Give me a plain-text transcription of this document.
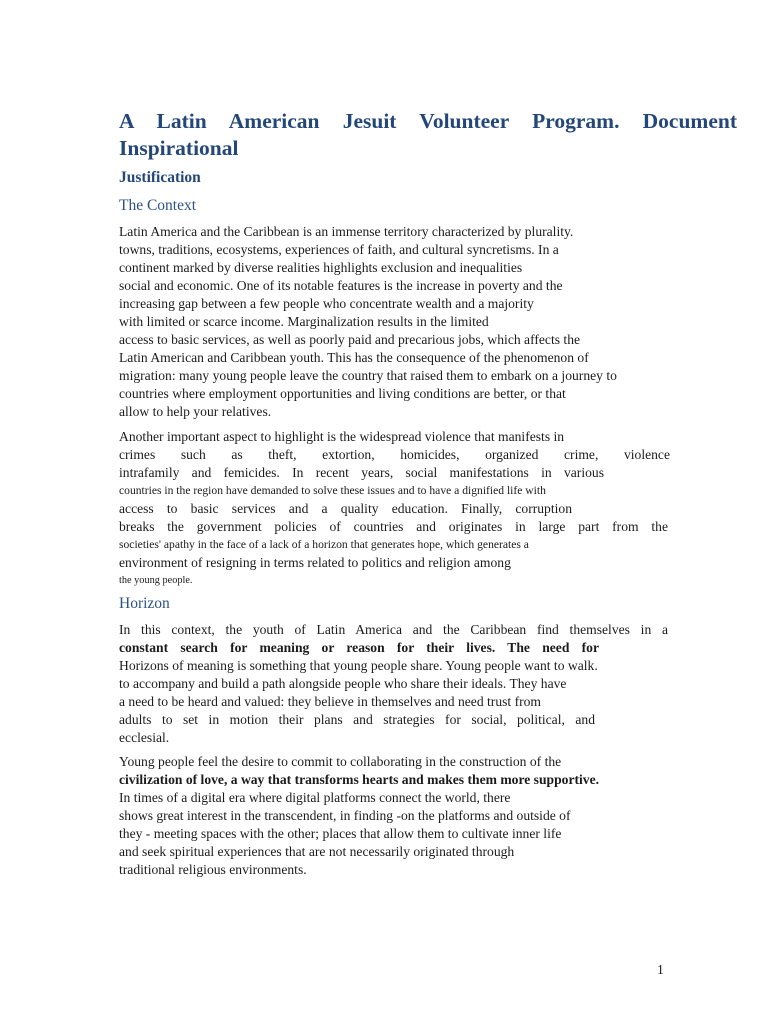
A Latin American Jesuit Volunteer Program. Document Inspirational
Justification
The Context
Latin America and the Caribbean is an immense territory characterized by plurality.
towns, traditions, ecosystems, experiences of faith, and cultural syncretisms. In a
continent marked by diverse realities highlights exclusion and inequalities
social and economic. One of its notable features is the increase in poverty and the
increasing gap between a few people who concentrate wealth and a majority
with limited or scarce income. Marginalization results in the limited
access to basic services, as well as poorly paid and precarious jobs, which affects the
Latin American and Caribbean youth. This has the consequence of the phenomenon of
migration: many young people leave the country that raised them to embark on a journey to
countries where employment opportunities and living conditions are better, or that
allow to help your relatives.
Another important aspect to highlight is the widespread violence that manifests in
crimes such as theft, extortion, homicides, organized crime, violence
intrafamily and femicides. In recent years, social manifestations in various
countries in the region have demanded to solve these issues and to have a dignified life with
access to basic services and a quality education. Finally, corruption
breaks the government policies of countries and originates in large part from the
societies' apathy in the face of a lack of a horizon that generates hope, which generates a
environment of resigning in terms related to politics and religion among
the young people.
Horizon
In this context, the youth of Latin America and the Caribbean find themselves in a
constant search for meaning or reason for their lives. The need for
Horizons of meaning is something that young people share. Young people want to walk.
to accompany and build a path alongside people who share their ideals. They have
a need to be heard and valued: they believe in themselves and need trust from
adults to set in motion their plans and strategies for social, political, and
ecclesial.
Young people feel the desire to commit to collaborating in the construction of the
civilization of love, a way that transforms hearts and makes them more supportive.
In times of a digital era where digital platforms connect the world, there
shows great interest in the transcendent, in finding -on the platforms and outside of
they - meeting spaces with the other; places that allow them to cultivate inner life
and seek spiritual experiences that are not necessarily originated through
traditional religious environments.
1
